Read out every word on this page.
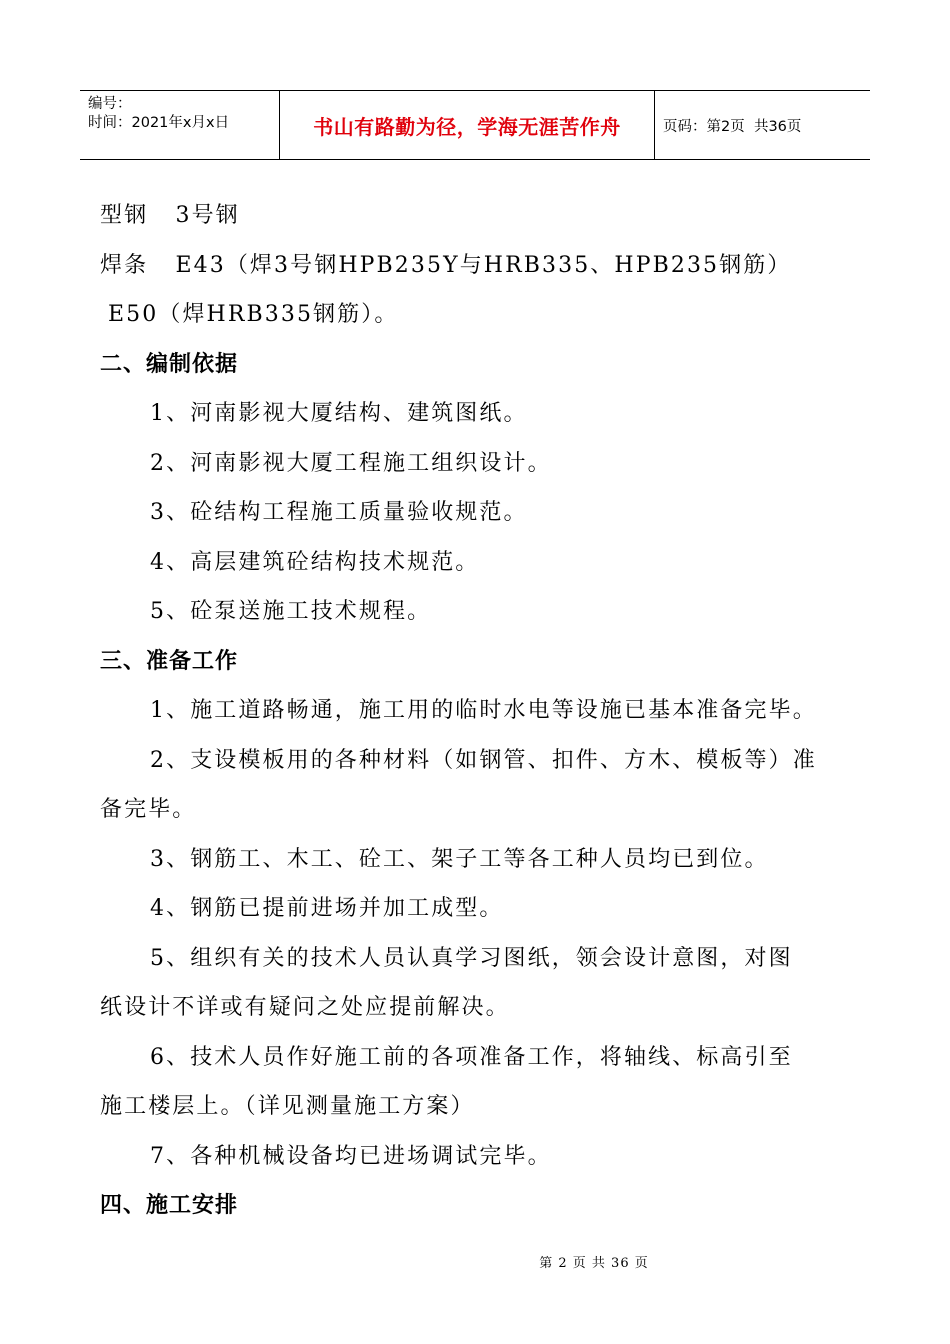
编号：
时间：2021年x月x日	书山有路勤为径，学海无涯苦作舟	页码：第2页  共36页
型钢   3号钢
焊条   E43（焊3号钢HPB235Y与HRB335、HPB235钢筋）
E50（焊HRB335钢筋）。
二、编制依据
1、河南影视大厦结构、建筑图纸。
2、河南影视大厦工程施工组织设计。
3、砼结构工程施工质量验收规范。
4、高层建筑砼结构技术规范。
5、砼泵送施工技术规程。
三、准备工作
1、施工道路畅通，施工用的临时水电等设施已基本准备完毕。
2、支设模板用的各种材料（如钢管、扣件、方木、模板等）准
备完毕。
3、钢筋工、木工、砼工、架子工等各工种人员均已到位。
4、钢筋已提前进场并加工成型。
5、组织有关的技术人员认真学习图纸，领会设计意图，对图
纸设计不详或有疑问之处应提前解决。
6、技术人员作好施工前的各项准备工作，将轴线、标高引至
施工楼层上。（详见测量施工方案）
7、各种机械设备均已进场调试完毕。
四、施工安排
第 2 页 共 36 页
